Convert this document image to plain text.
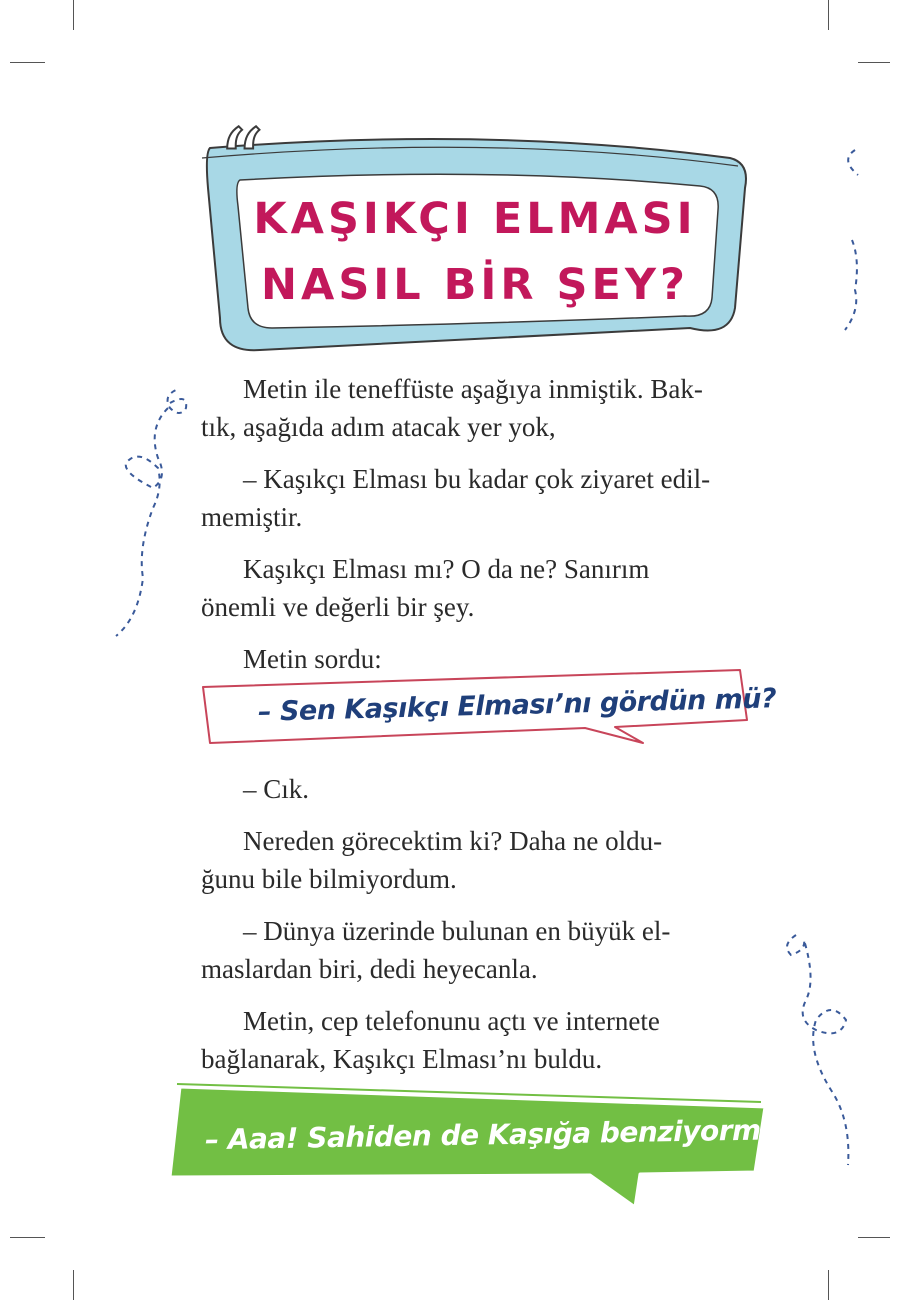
“
KAŞIKÇI ELMASI
NASIL BİR ŞEY?

Metin ile teneffüste aşağıya inmiştik. Bak-
tık, aşağıda adım atacak yer yok,

– Kaşıkçı Elması bu kadar çok ziyaret edil-
memiştir.

Kaşıkçı Elması mı? O da ne? Sanırım
önemli ve değerli bir şey.

Metin sordu:

– Sen Kaşıkçı Elması’nı gördün mü?

– Cık.

Nereden görecektim ki? Daha ne oldu-
ğunu bile bilmiyordum.

– Dünya üzerinde bulunan en büyük el-
maslardan biri, dedi heyecanla.

Metin, cep telefonunu açtı ve internete
bağlanarak, Kaşıkçı Elması’nı buldu.

– Aaa! Sahiden de Kaşığa benziyormuş!
